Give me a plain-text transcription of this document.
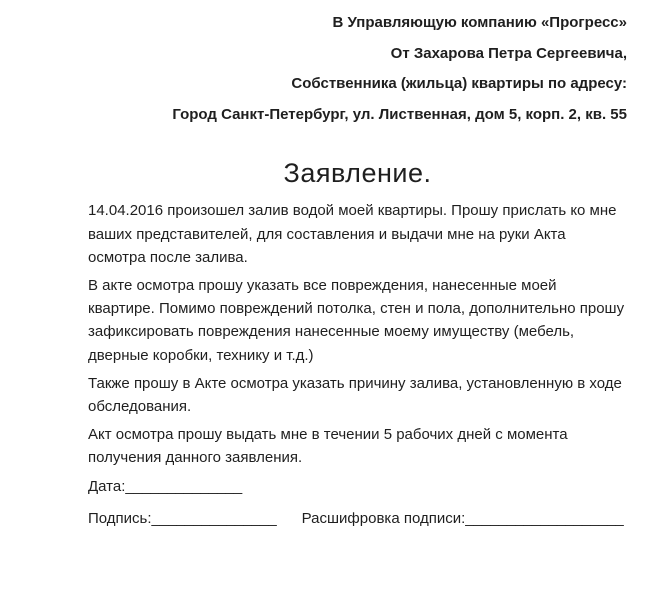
В Управляющую компанию «Прогресс»
От Захарова Петра Сергеевича,
Собственника (жильца) квартиры по адресу:
Город Санкт-Петербург, ул. Лиственная, дом 5, корп. 2, кв. 55
Заявление.

14.04.2016 произошел залив водой моей квартиры. Прошу прислать ко мне ваших представителей, для составления и выдачи мне на руки Акта осмотра после залива.

В акте осмотра прошу указать все повреждения, нанесенные моей квартире. Помимо повреждений потолка, стен и пола, дополнительно прошу зафиксировать повреждения нанесенные моему имуществу (мебель, дверные коробки, технику и т.д.)

Также прошу в Акте осмотра указать причину залива, установленную в ходе обследования.

Акт осмотра прошу выдать мне в течении 5 рабочих дней с момента получения данного заявления.

Дата:______________
Подпись:_______________ Расшифровка подписи:___________________
